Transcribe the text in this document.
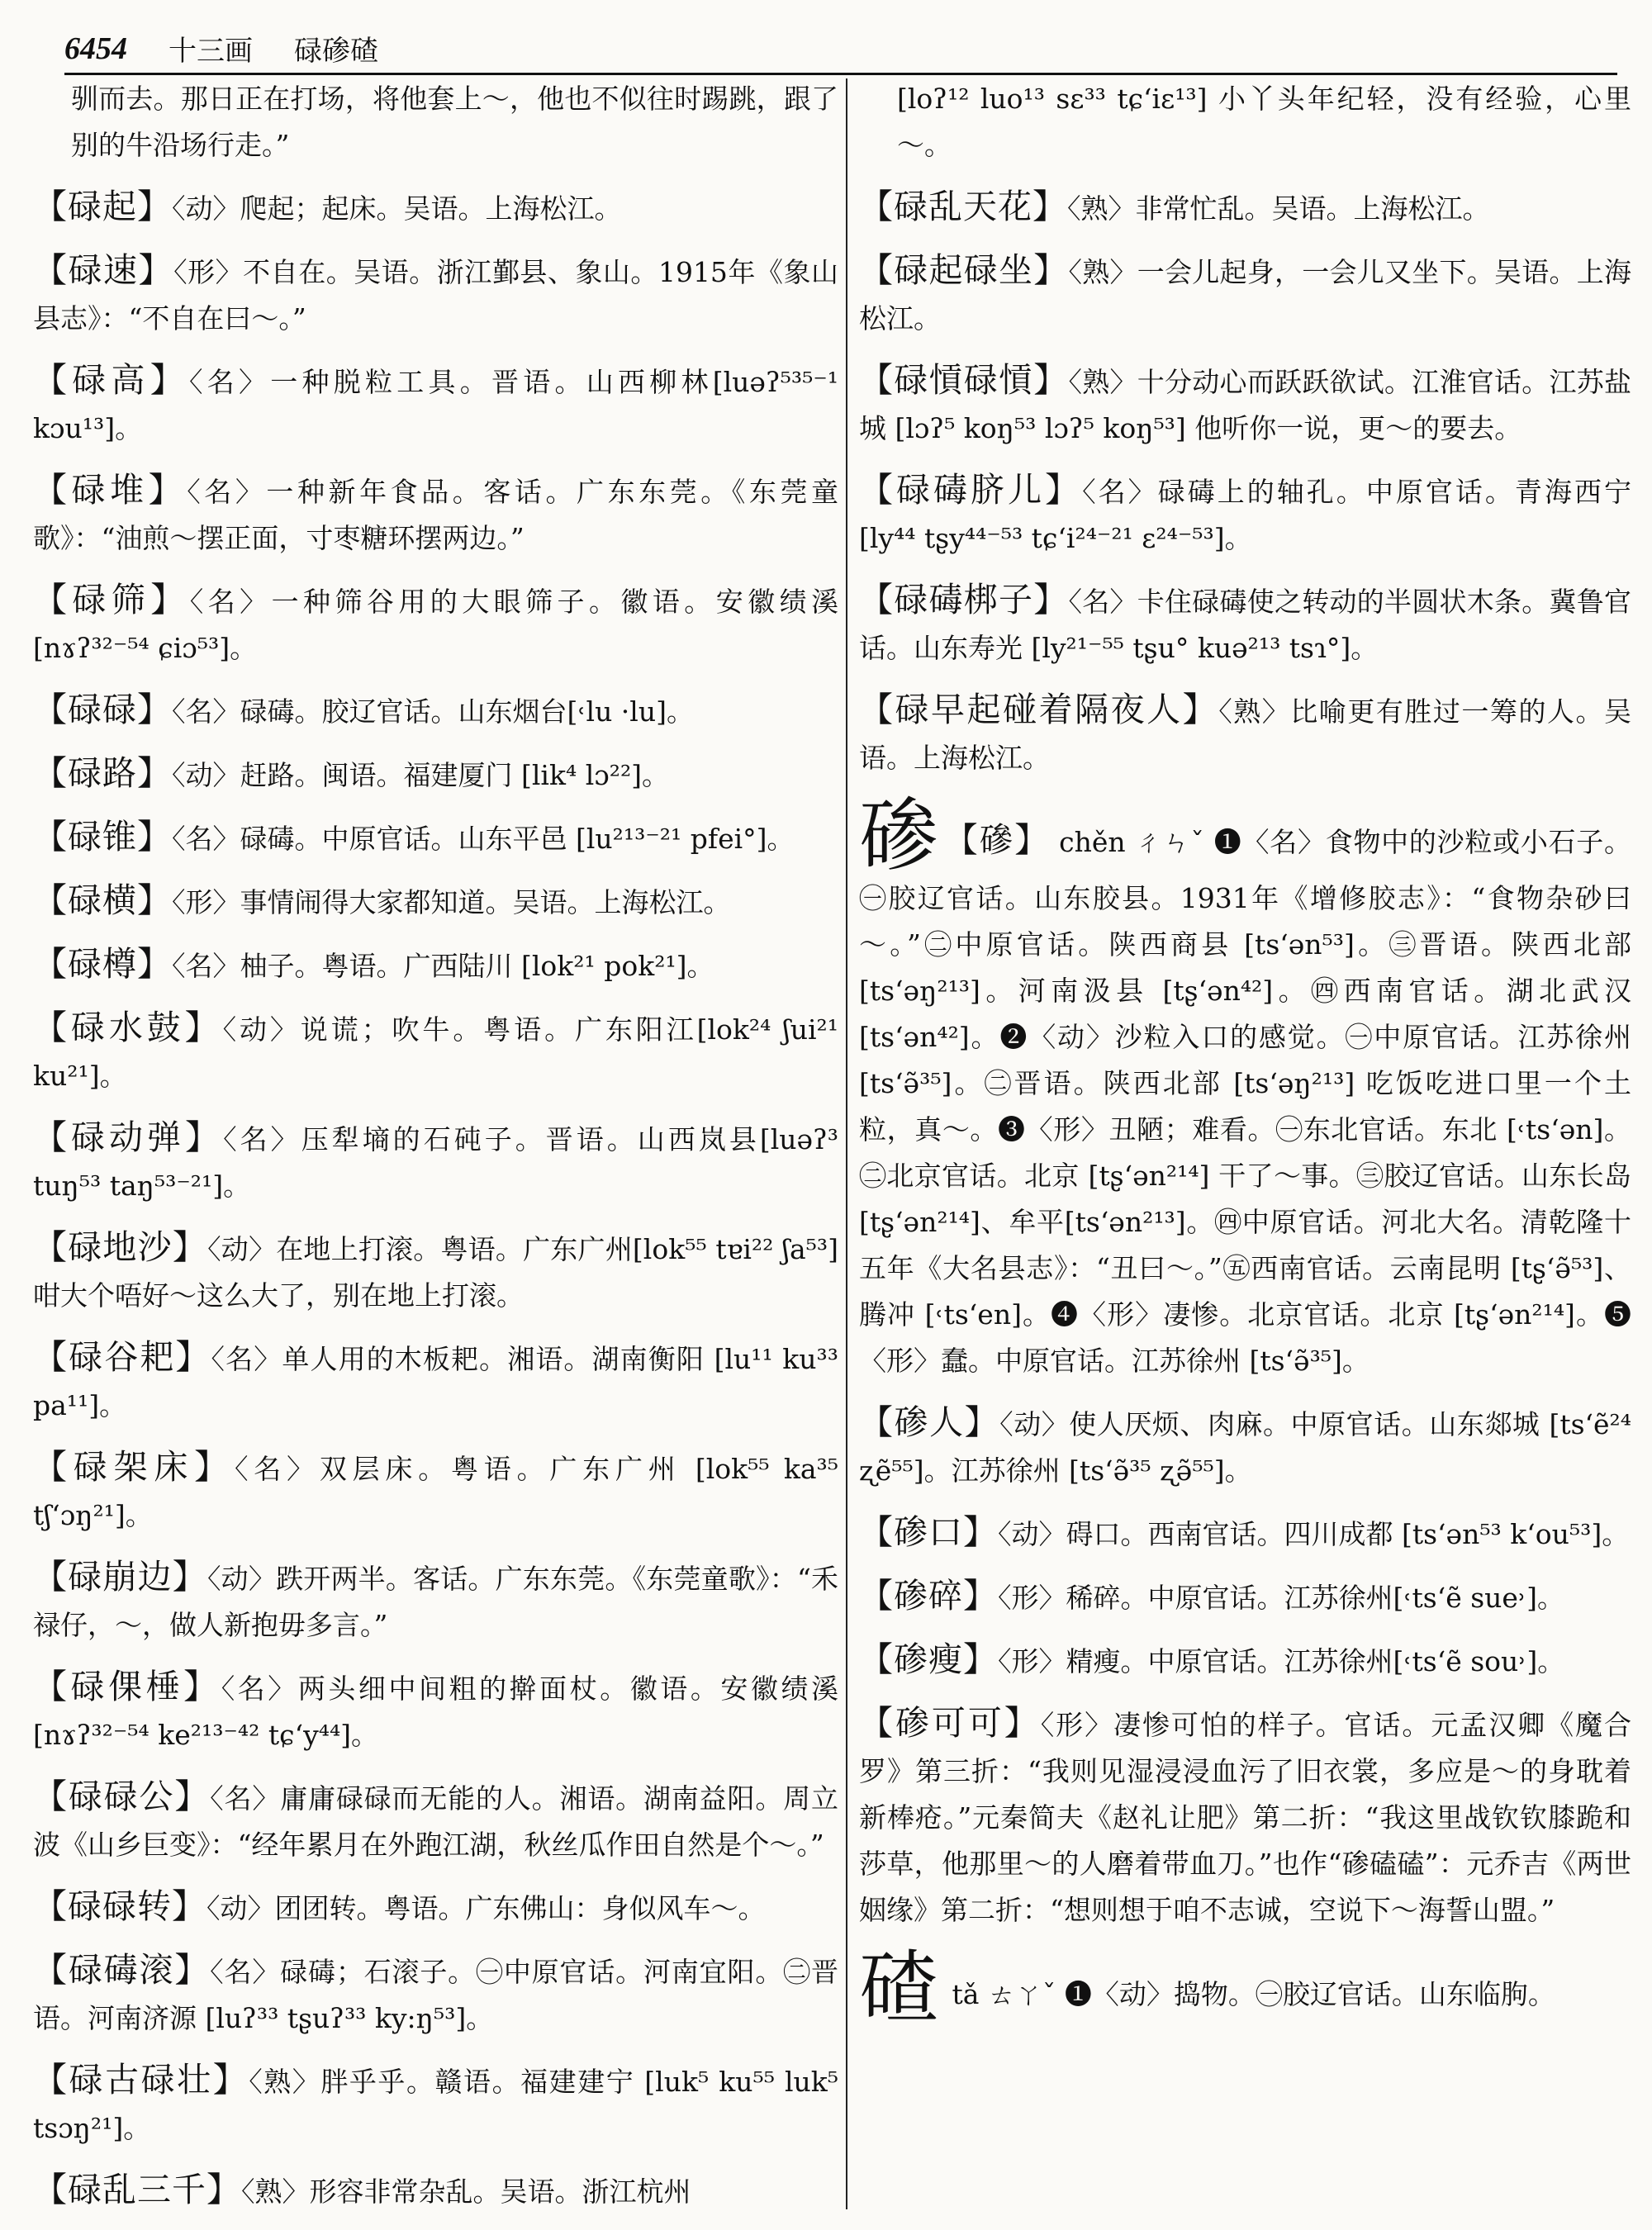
6454 十三画 碌碜碴

驯而去。那日正在打场，将他套上～，他也不似往时踢跳，跟了别的牛沿场行走。”

【碌起】〈动〉爬起；起床。吴语。上海松江。

【碌速】〈形〉不自在。吴语。浙江鄞县、象山。1915年《象山县志》：“不自在曰～。”

【碌高】〈名〉一种脱粒工具。晋语。山西柳林[luəʔ⁵³⁵⁻¹ kɔu¹³]。

【碌堆】〈名〉一种新年食品。客话。广东东莞。《东莞童歌》：“油煎～摆正面，寸枣糖环摆两边。”

【碌筛】〈名〉一种筛谷用的大眼筛子。徽语。安徽绩溪[nɤʔ³²⁻⁵⁴ ɕiɔ⁵³]。

【碌碌】〈名〉碌碡。胶辽官话。山东烟台[˓lu ·lu]。

【碌路】〈动〉赶路。闽语。福建厦门 [lik⁴ lɔ²²]。

【碌锥】〈名〉碌碡。中原官话。山东平邑 [lu²¹³⁻²¹ pfei°]。

【碌横】〈形〉事情闹得大家都知道。吴语。上海松江。

【碌樽】〈名〉柚子。粤语。广西陆川 [lok²¹ pok²¹]。

【碌水鼓】〈动〉说谎；吹牛。粤语。广东阳江[lok²⁴ ʃui²¹ ku²¹]。

【碌动弹】〈名〉压犁墒的石砘子。晋语。山西岚县[luəʔ³ tuŋ⁵³ taŋ⁵³⁻²¹]。

【碌地沙】〈动〉在地上打滚。粤语。广东广州[lok⁵⁵ tɐi²² ʃa⁵³] 咁大个唔好～这么大了，别在地上打滚。

【碌谷耙】〈名〉单人用的木板耙。湘语。湖南衡阳 [lu¹¹ ku³³ pa¹¹]。

【碌架床】〈名〉双层床。粤语。广东广州 [lok⁵⁵ ka³⁵ tʃʻɔŋ²¹]。

【碌崩边】〈动〉跌开两半。客话。广东东莞。《东莞童歌》：“禾禄仔，～，做人新抱毋多言。”

【碌倮棰】〈名〉两头细中间粗的擀面杖。徽语。安徽绩溪 [nɤʔ³²⁻⁵⁴ ke²¹³⁻⁴² tɕʻy⁴⁴]。

【碌碌公】〈名〉庸庸碌碌而无能的人。湘语。湖南益阳。周立波《山乡巨变》：“经年累月在外跑江湖，秋丝瓜作田自然是个～。”

【碌碌转】〈动〉团团转。粤语。广东佛山：身似风车～。

【碌碡滚】〈名〉碌碡；石滚子。㊀中原官话。河南宜阳。㊁晋语。河南济源 [luʔ³³ tʂuʔ³³ ky:ŋ⁵³]。

【碌古碌壮】〈熟〉胖乎乎。赣语。福建建宁 [luk⁵ ku⁵⁵ luk⁵ tsɔŋ²¹]。

【碌乱三千】〈熟〉形容非常杂乱。吴语。浙江杭州

[loʔ¹² luo¹³ sɛ³³ tɕʻiɛ¹³] 小丫头年纪轻，没有经验，心里～。

【碌乱天花】〈熟〉非常忙乱。吴语。上海松江。

【碌起碌坐】〈熟〉一会儿起身，一会儿又坐下。吴语。上海松江。

【碌愩碌愩】〈熟〉十分动心而跃跃欲试。江淮官话。江苏盐城 [lɔʔ⁵ koŋ⁵³ lɔʔ⁵ koŋ⁵³] 他听你一说，更～的要去。

【碌碡脐儿】〈名〉碌碡上的轴孔。中原官话。青海西宁 [ly⁴⁴ tʂy⁴⁴⁻⁵³ tɕʻi²⁴⁻²¹ ɛ²⁴⁻⁵³]。

【碌碡梆子】〈名〉卡住碌碡使之转动的半圆状木条。冀鲁官话。山东寿光 [ly²¹⁻⁵⁵ tʂu° kuə²¹³ tsɿ°]。

【碌早起碰着隔夜人】〈熟〉比喻更有胜过一筹的人。吴语。上海松江。

碜 【磣】 chěn ㄔㄣˇ ❶〈名〉食物中的沙粒或小石子。㊀胶辽官话。山东胶县。1931年《增修胶志》：“食物杂砂曰～。”㊁中原官话。陕西商县 [tsʻən⁵³]。㊂晋语。陕西北部 [tsʻəŋ²¹³]。河南汲县 [tʂʻən⁴²]。㊃西南官话。湖北武汉[tsʻən⁴²]。❷〈动〉沙粒入口的感觉。㊀中原官话。江苏徐州 [tsʻə̃³⁵]。㊁晋语。陕西北部 [tsʻəŋ²¹³] 吃饭吃进口里一个土粒，真～。❸〈形〉丑陋；难看。㊀东北官话。东北 [˓tsʻən]。㊁北京官话。北京 [tʂʻən²¹⁴] 干了～事。㊂胶辽官话。山东长岛 [tʂʻən²¹⁴]、牟平[tsʻən²¹³]。㊃中原官话。河北大名。清乾隆十五年《大名县志》：“丑曰～。”㊄西南官话。云南昆明 [tʂʻə̃⁵³]、腾冲 [˓tsʻen]。❹〈形〉凄惨。北京官话。北京 [tʂʻən²¹⁴]。❺〈形〉蠢。中原官话。江苏徐州 [tsʻə̃³⁵]。

【碜人】〈动〉使人厌烦、肉麻。中原官话。山东郯城 [tsʻẽ²⁴ ʐẽ⁵⁵]。江苏徐州 [tsʻə̃³⁵ ʐə̃⁵⁵]。

【碜口】〈动〉碍口。西南官话。四川成都 [tsʻən⁵³ kʻou⁵³]。

【碜碎】〈形〉稀碎。中原官话。江苏徐州[˓tsʻẽ sue˒]。

【碜瘦】〈形〉精瘦。中原官话。江苏徐州[˓tsʻẽ sou˒]。

【碜可可】〈形〉凄惨可怕的样子。官话。元孟汉卿《魔合罗》第三折：“我则见湿浸浸血污了旧衣裳，多应是～的身耽着新棒疮。”元秦简夫《赵礼让肥》第二折：“我这里战钦钦膝跪和莎草，他那里～的人磨着带血刀。”也作“碜磕磕”：元乔吉《两世姻缘》第二折：“想则想于咱不志诚，空说下～海誓山盟。”

碴 tǎ ㄊㄚˇ ❶〈动〉捣物。㊀胶辽官话。山东临朐。
